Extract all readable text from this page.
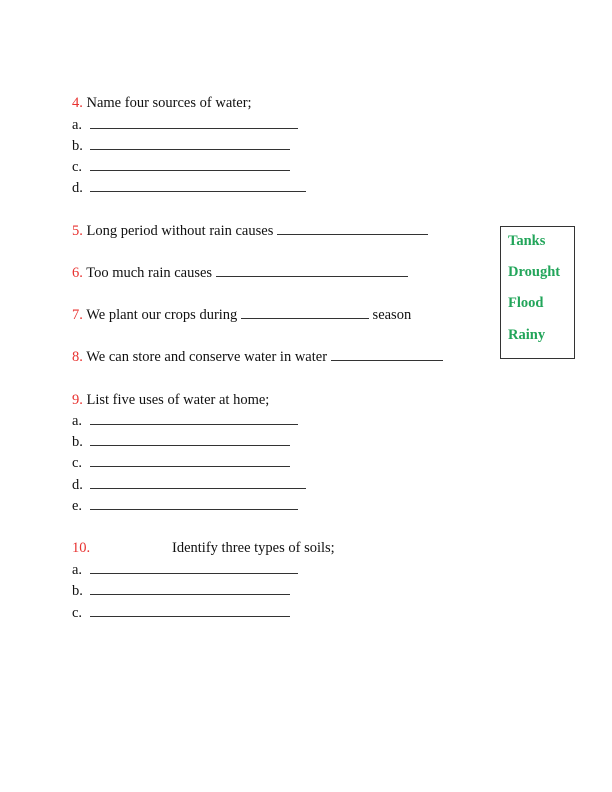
4. Name four sources of water;
a.
b.
c.
d.
5. Long period without rain causes
6. Too much rain causes
7. We plant our crops during	season
8. We can store and conserve water in water
Tanks
Drought
Flood
Rainy
9. List five uses of water at home;
a.
b.
c.
d.
e.
10.	Identify three types of soils;
a.
b.
c.
